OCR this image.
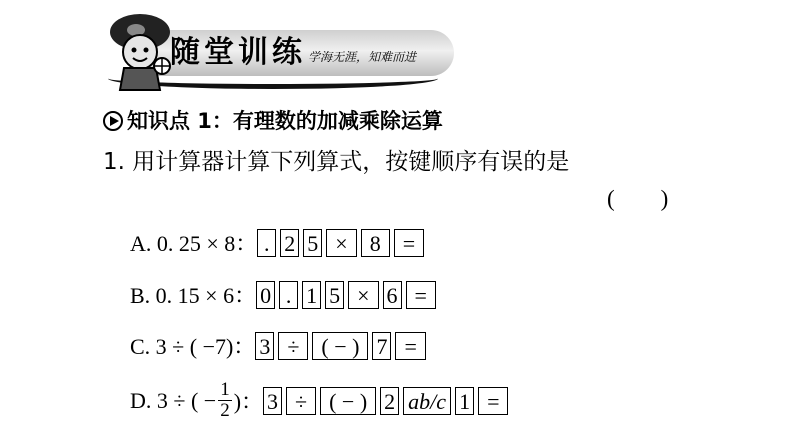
随堂训练 学海无涯，知难而进
知识点 1：有理数的加减乘除运算
1. 用计算器计算下列算式，按键顺序有误的是
(        )
A. 0. 25 × 8： . 2 5 ×	8	=
B. 0. 15 × 6： 0 . 1 5 × 6 =
C. 3 ÷ ( −7)： 3 ÷	( − ) 7 =
D. 3 ÷ ( − $\frac{1}{2}$ )： 3 ÷	( − ) 2 ab/c 1 =
